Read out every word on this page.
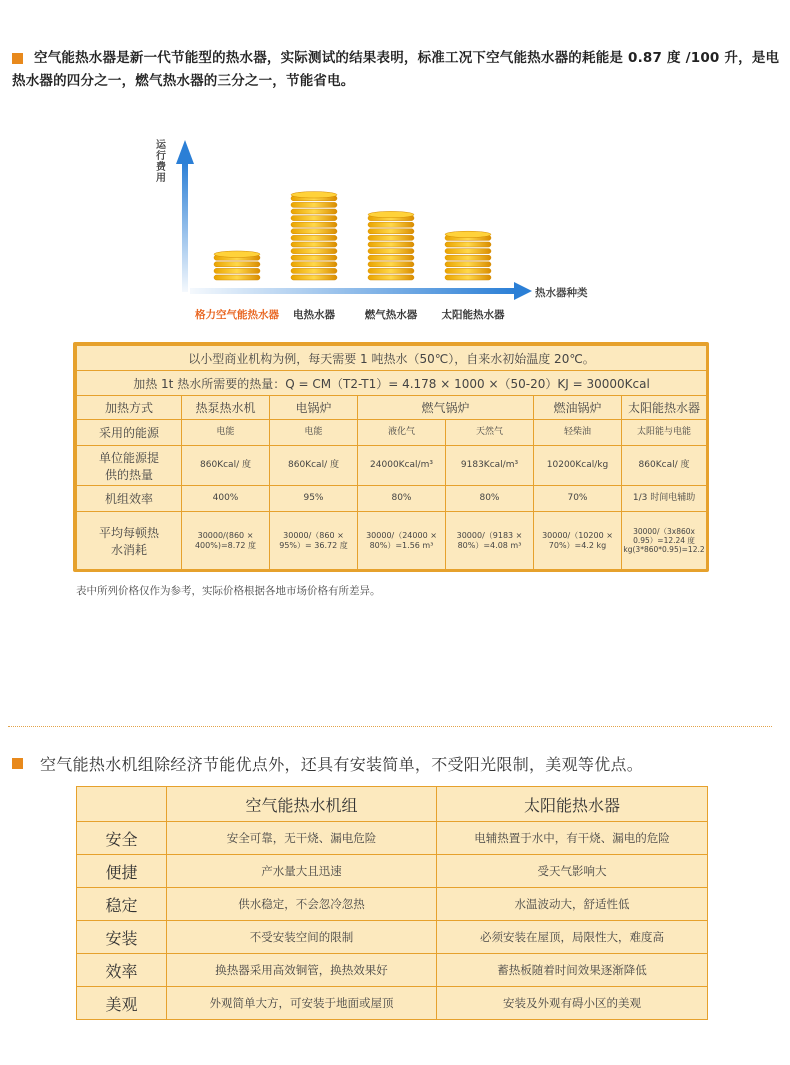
空气能热水器是新一代节能型的热水器，实际测试的结果表明，标准工况下空气能热水器的耗能是 0.87 度 /100 升，是电热水器的四分之一，燃气热水器的三分之一，节能省电。
运行费用
热水器种类
格力空气能热水器	电热水器	燃气热水器	太阳能热水器
以小型商业机构为例，每天需要 1 吨热水（50℃），自来水初始温度 20℃。						
加热 1t 热水所需要的热量：Q = CM（T2-T1）= 4.178 × 1000 ×（50-20）KJ = 30000Kcal						
加热方式	热泵热水机	电锅炉	燃气锅炉		燃油锅炉	太阳能热水器
采用的能源	电能	电能	液化气	天然气	轻柴油	太阳能与电能
单位能源提供的热量	860Kcal/ 度	860Kcal/ 度	24000Kcal/m³	9183Kcal/m³	10200Kcal/kg	860Kcal/ 度
机组效率	400%	95%	80%	80%	70%	1/3 时间电辅助
平均每顿热水消耗	30000/(860 × 400%)=8.72 度	30000/（860 × 95%）= 36.72 度	30000/（24000 × 80%）=1.56 m³	30000/（9183 × 80%）=4.08 m³	30000/（10200 × 70%）=4.2 kg	30000/（3x860x 0.95）=12.24 度 kg(3*860*0.95)=12.2
表中所列价格仅作为参考，实际价格根据各地市场价格有所差异。
空气能热水机组除经济节能优点外，还具有安装简单，不受阳光限制，美观等优点。
	空气能热水机组	太阳能热水器
安全	安全可靠，无干烧、漏电危险	电辅热置于水中，有干烧、漏电的危险
便捷	产水量大且迅速	受天气影响大
稳定	供水稳定，不会忽冷忽热	水温波动大，舒适性低
安装	不受安装空间的限制	必须安装在屋顶，局限性大，难度高
效率	换热器采用高效铜管，换热效果好	蓄热板随着时间效果逐渐降低
美观	外观简单大方，可安装于地面或屋顶	安装及外观有碍小区的美观
